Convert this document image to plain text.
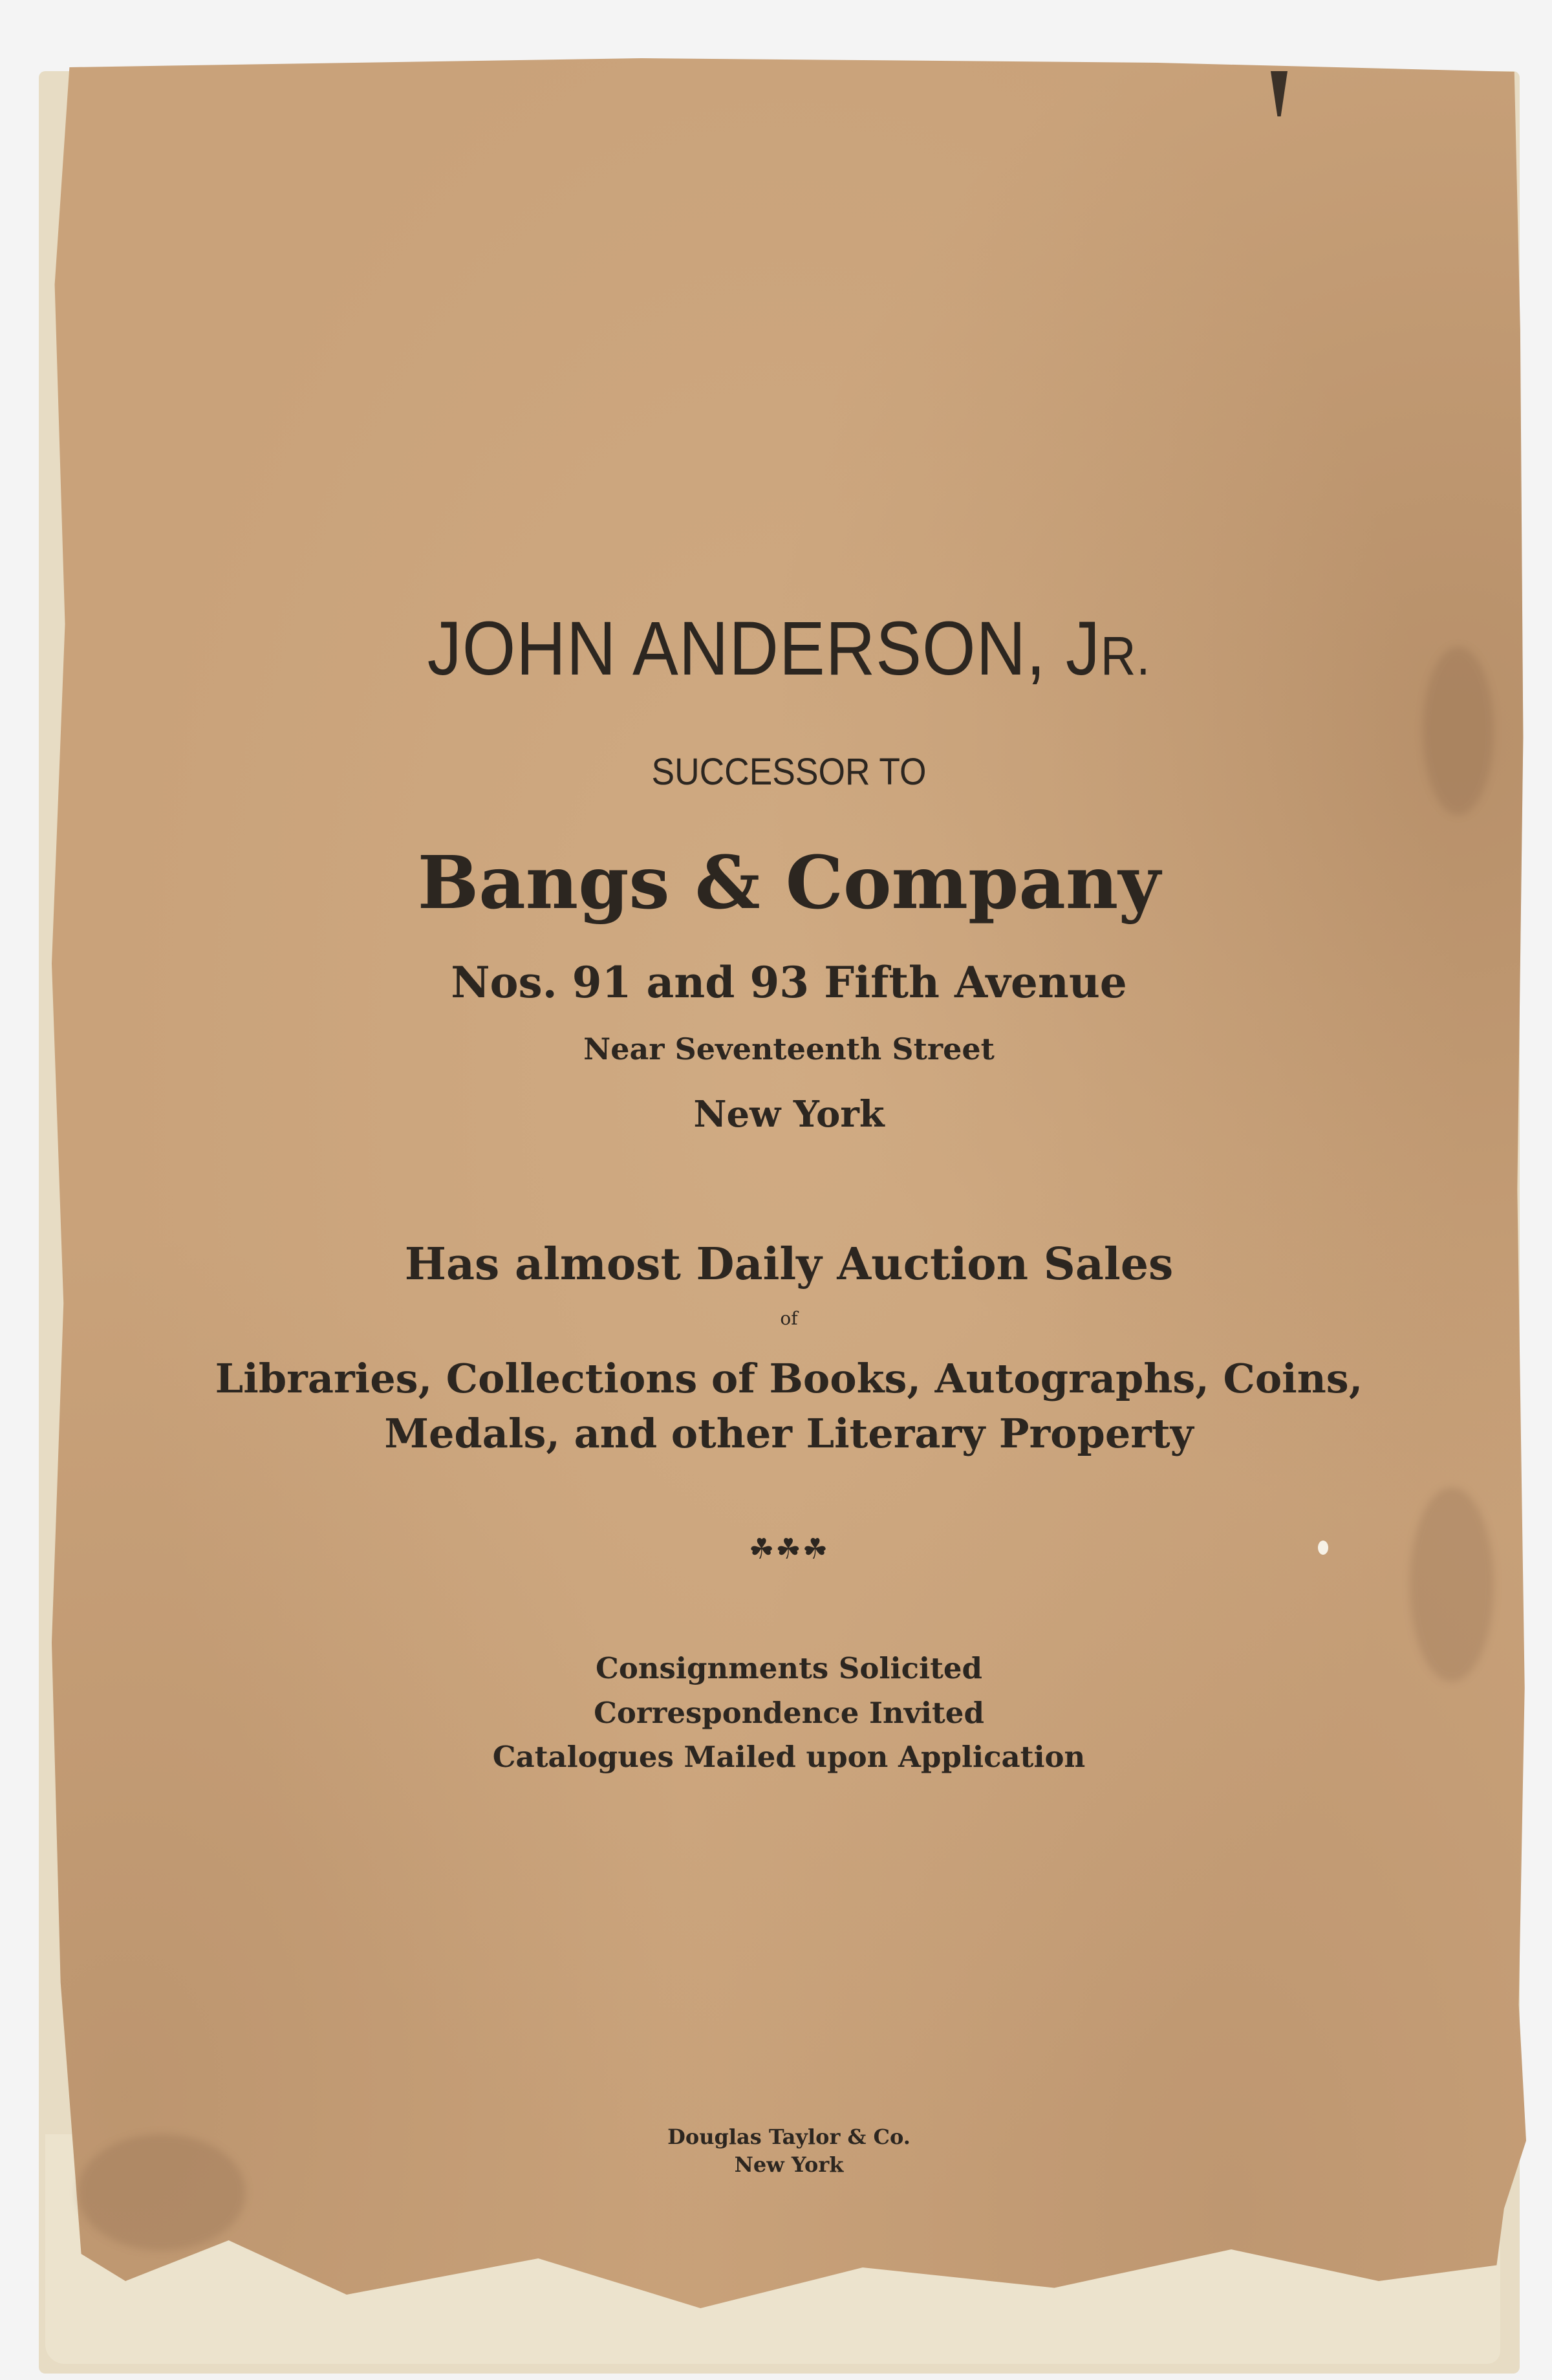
JOHN ANDERSON, JR.
SUCCESSOR TO
Bangs & Company
Nos. 91 and 93 Fifth Avenue
Near Seventeenth Street
New York
Has almost Daily Auction Sales
of
Libraries, Collections of Books, Autographs, Coins,
Medals, and other Literary Property
☘☘☘
Consignments Solicited
Correspondence Invited
Catalogues Mailed upon Application
Douglas Taylor & Co.
New York
